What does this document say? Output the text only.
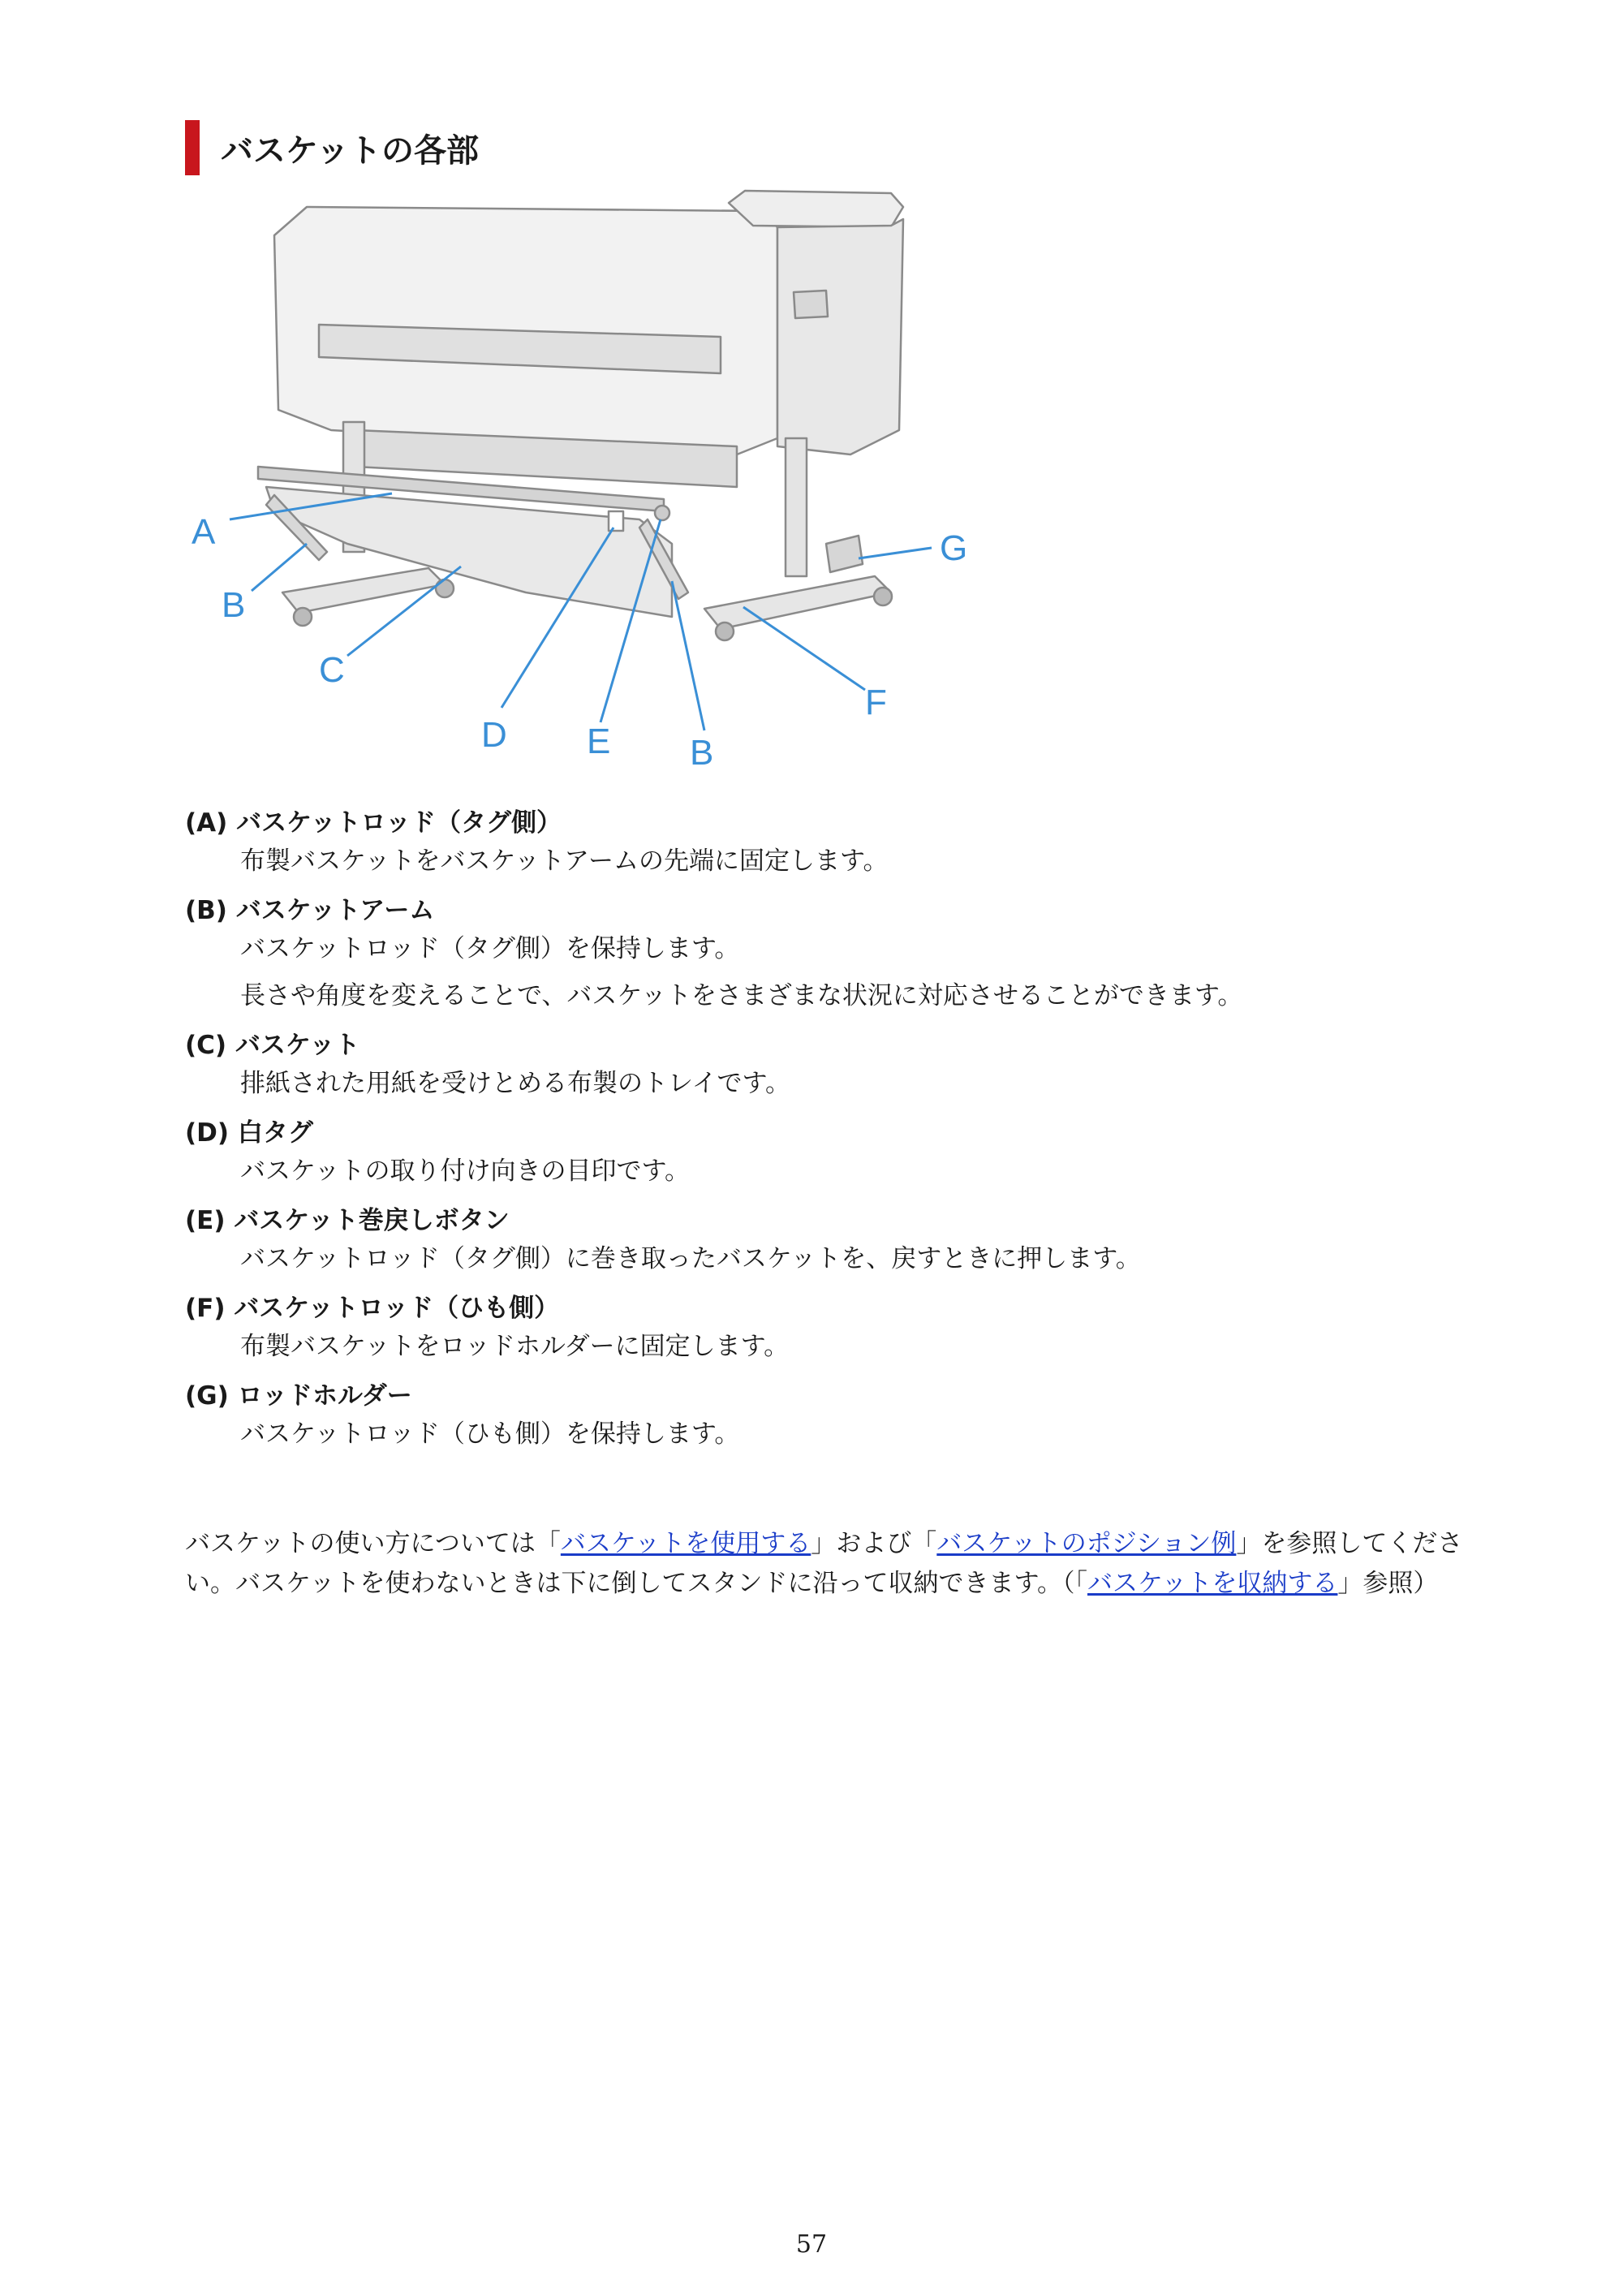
バスケットの各部
A
B
C
D E B
F
G

(A) バスケットロッド（タグ側）

布製バスケットをバスケットアームの先端に固定します。

(B) バスケットアーム

バスケットロッド（タグ側）を保持します。

長さや角度を変えることで、バスケットをさまざまな状況に対応させることができます。

(C) バスケット

排紙された用紙を受けとめる布製のトレイです。

(D) 白タグ

バスケットの取り付け向きの目印です。

(E) バスケット巻戻しボタン

バスケットロッド（タグ側）に巻き取ったバスケットを、戻すときに押します。

(F) バスケットロッド（ひも側）

布製バスケットをロッドホルダーに固定します。

(G) ロッドホルダー

バスケットロッド（ひも側）を保持します。

バスケットの使い方については「バスケットを使用する」および「バスケットのポジション例」を参照してください。バスケットを使わないときは下に倒してスタンドに沿って収納できます。（「バスケットを収納する」参照）

57
